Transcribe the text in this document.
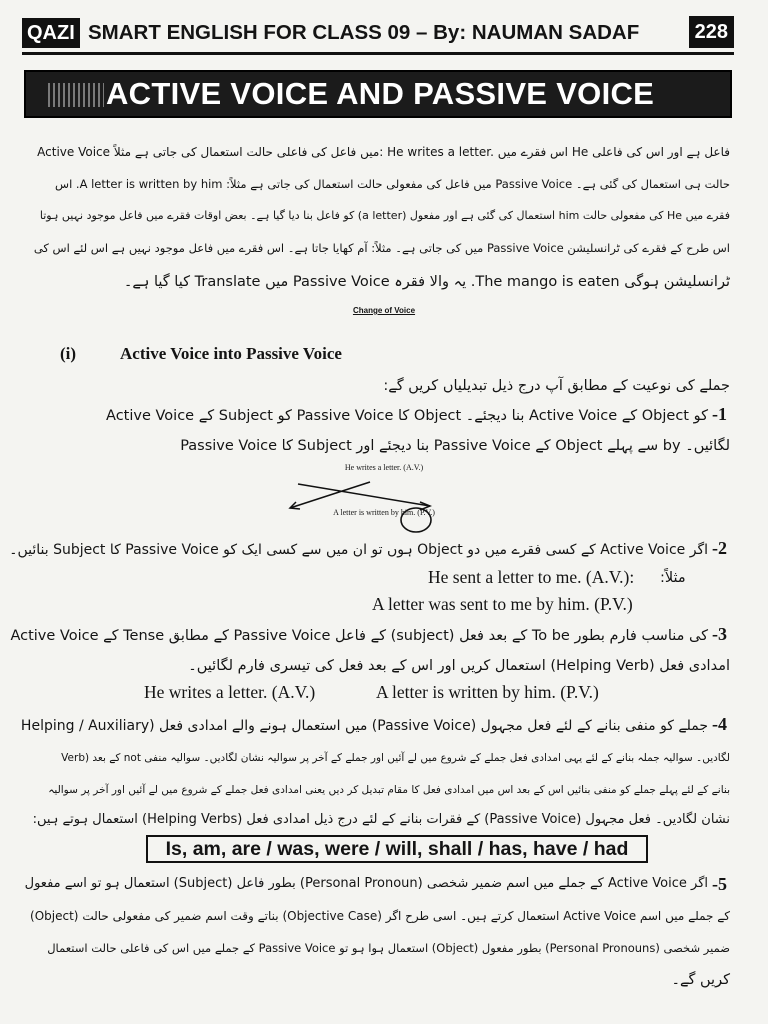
QAZI SMART ENGLISH FOR CLASS 09 – By: NAUMAN SADAF	228
ACTIVE VOICE AND PASSIVE VOICE
Active Voice میں فاعل کی فاعلی حالت استعمال کی جاتی ہے مثلاً: He writes a letter. اس فقرے میں He فاعل ہے اور اس کی فاعلی
حالت ہی استعمال کی گئی ہے۔ Passive Voice میں فاعل کی مفعولی حالت استعمال کی جاتی ہے مثلاً: A letter is written by him. اس
فقرے میں He کی مفعولی حالت him استعمال کی گئی ہے اور مفعول (a letter) کو فاعل بنا دیا گیا ہے۔ بعض اوقات فقرے میں فاعل موجود نہیں ہوتا
اس طرح کے فقرے کی ٹرانسلیشن Passive Voice میں کی جاتی ہے۔ مثلاً: آم کھایا جاتا ہے۔ اس فقرے میں فاعل موجود نہیں ہے اس لئے اس کی
ٹرانسلیشن ہوگی The mango is eaten. یہ والا فقرہ Passive Voice میں Translate کیا گیا ہے۔
Change of Voice
(i)	Active Voice into Passive Voice
جملے کی نوعیت کے مطابق آپ درج ذیل تبدیلیاں کریں گے:
-1
Active Voice کے Subject کو Passive Voice کا Object بنا دیجئے۔ Active Voice کے Object کو
Passive Voice کا Subject بنا دیجئے اور Passive Voice کے Object سے پہلے by لگائیں۔
He writes a letter. (A.V.)
A letter is written by him. (P.V.)
-2
اگر Active Voice کے کسی فقرے میں دو Object ہوں تو ان میں سے کسی ایک کو Passive Voice کا Subject بنائیں۔
مثلاً:
He sent a letter to me. (A.V.):
A letter was sent to me by him. (P.V.)
-3
Active Voice کے Tense کے مطابق Passive Voice کے فاعل (subject) کے بعد فعل To be کی مناسب فارم بطور
امدادی فعل (Helping Verb) استعمال کریں اور اس کے بعد فعل کی تیسری فارم لگائیں۔
He writes a letter. (A.V.)	A letter is written by him. (P.V.)
-4
جملے کو منفی بنانے کے لئے فعل مجہول (Passive Voice) میں استعمال ہونے والے امدادی فعل (Helping / Auxiliary
Verb) کے بعد not لگادیں۔ سوالیہ جملہ بنانے کے لئے یہی امدادی فعل جملے کے شروع میں لے آئیں اور جملے کے آخر پر سوالیہ نشان لگادیں۔ سوالیہ منفی
بنانے کے لئے پہلے جملے کو منفی بنائیں اس کے بعد اس میں امدادی فعل کا مقام تبدیل کر دیں یعنی امدادی فعل جملے کے شروع میں لے آئیں اور آخر پر سوالیہ
نشان لگادیں۔ فعل مجہول (Passive Voice) کے فقرات بنانے کے لئے درج ذیل امدادی فعل (Helping Verbs) استعمال ہوتے ہیں:
Is, am, are / was, were / will, shall / has, have / had
-5
اگر Active Voice کے جملے میں اسم ضمیر شخصی (Personal Pronoun) بطور فاعل (Subject) استعمال ہو تو اسے مفعول
(Object) بناتے وقت اسم ضمیر کی مفعولی حالت (Objective Case) استعمال کرتے ہیں۔ اسی طرح اگر Active Voice کے جملے میں اسم
ضمیر شخصی (Personal Pronouns) بطور مفعول (Object) استعمال ہوا ہو تو Passive Voice کے جملے میں اس کی فاعلی حالت استعمال
کریں گے۔
